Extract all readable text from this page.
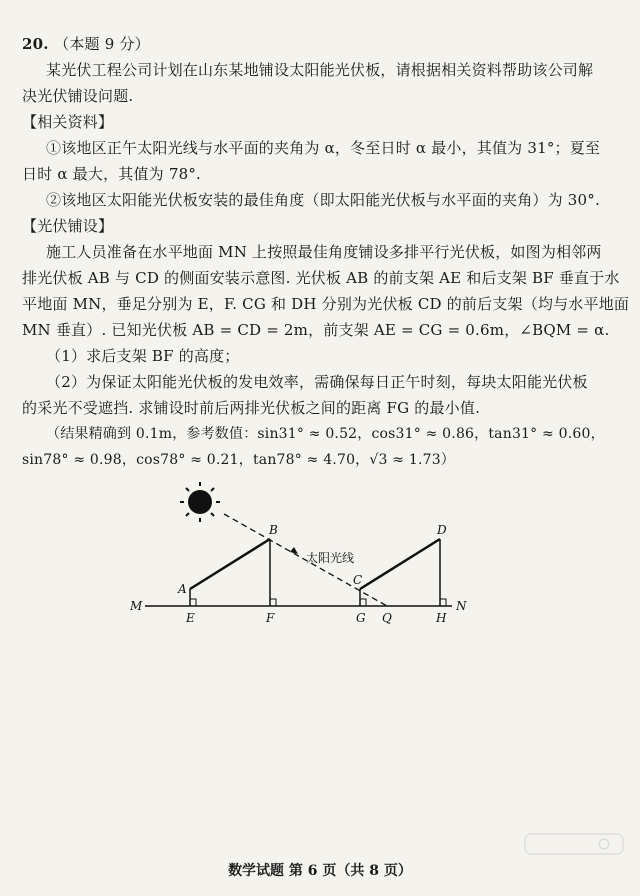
20. （本题 9 分）
某光伏工程公司计划在山东某地铺设太阳能光伏板，请根据相关资料帮助该公司解
决光伏铺设问题.
【相关资料】
①该地区正午太阳光线与水平面的夹角为 α，冬至日时 α 最小，其值为 31°；夏至
日时 α 最大，其值为 78°.
②该地区太阳能光伏板安装的最佳角度（即太阳能光伏板与水平面的夹角）为 30°.
【光伏铺设】
施工人员准备在水平地面 MN 上按照最佳角度铺设多排平行光伏板，如图为相邻两
排光伏板 AB 与 CD 的侧面安装示意图. 光伏板 AB 的前支架 AE 和后支架 BF 垂直于水
平地面 MN，垂足分别为 E，F. CG 和 DH 分别为光伏板 CD 的前后支架（均与水平地面
MN 垂直）. 已知光伏板 AB = CD = 2m，前支架 AE = CG = 0.6m，∠BQM = α.
（1）求后支架 BF 的高度；
（2）为保证太阳能光伏板的发电效率，需确保每日正午时刻，每块太阳能光伏板
的采光不受遮挡. 求铺设时前后两排光伏板之间的距离 FG 的最小值.
（结果精确到 0.1m，参考数值：sin31° ≈ 0.52，cos31° ≈ 0.86，tan31° ≈ 0.60，
sin78° ≈ 0.98，cos78° ≈ 0.21，tan78° ≈ 4.70，√3 ≈ 1.73）
M	N
A
B
C
D
E	F	G Q	H
太阳光线
数学试题 第 6 页（共 8 页）
